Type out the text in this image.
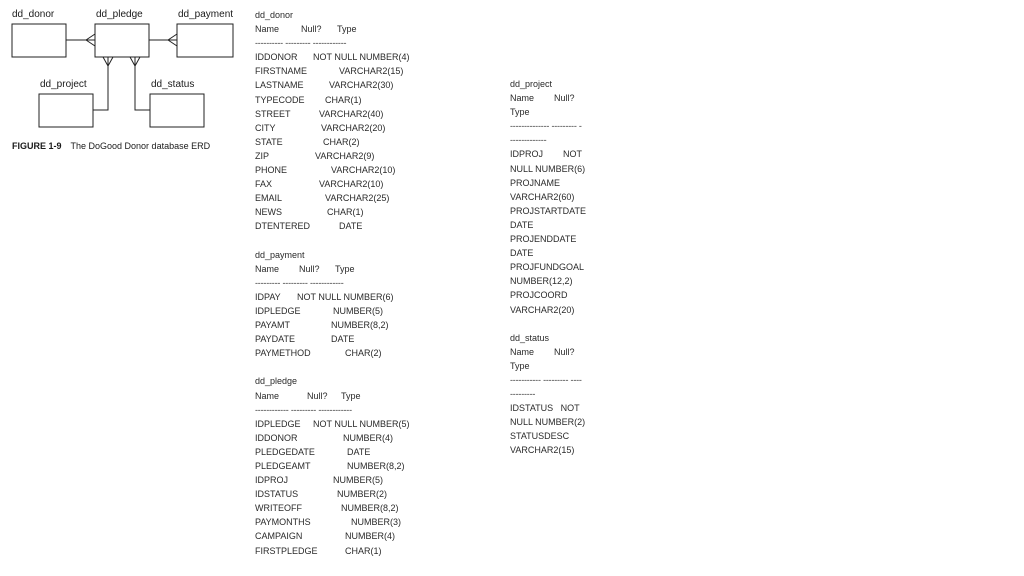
dd_donor	dd_pledge	dd_payment
dd_project	dd_status
FIGURE 1-9 The DoGood Donor database ERD
dd_donor
Name Null? Type
---------- --------- ------------
IDDONOR NOT NULL NUMBER(4)
FIRSTNAME	VARCHAR2(15)
LASTNAME	VARCHAR2(30)
TYPECODE CHAR(1)
STREET	VARCHAR2(40)
CITY	VARCHAR2(20)
STATE	CHAR(2)
ZIP	VARCHAR2(9)
PHONE	VARCHAR2(10)
FAX	VARCHAR2(10)
EMAIL	VARCHAR2(25)
NEWS	CHAR(1)
DTENTERED	DATE
dd_payment
Name Null? Type
--------- --------- ------------
IDPAY NOT NULL NUMBER(6)
IDPLEDGE	NUMBER(5)
PAYAMT	NUMBER(8,2)
PAYDATE	DATE
PAYMETHOD	CHAR(2)
dd_pledge
Name	Null? Type
------------ --------- ------------
IDPLEDGE NOT NULL NUMBER(5)
IDDONOR	NUMBER(4)
PLEDGEDATE	DATE
PLEDGEAMT	NUMBER(8,2)
IDPROJ	NUMBER(5)
IDSTATUS	NUMBER(2)
WRITEOFF	NUMBER(8,2)
PAYMONTHS	NUMBER(3)
CAMPAIGN	NUMBER(4)
FIRSTPLEDGE	CHAR(1)
dd_project
Name        Null?
Type
-------------- --------- -
-------------
IDPROJ        NOT
NULL NUMBER(6)
PROJNAME
VARCHAR2(60)
PROJSTARTDATE
DATE
PROJENDDATE
DATE
PROJFUNDGOAL
NUMBER(12,2)
PROJCOORD
VARCHAR2(20)
dd_status
Name        Null?
Type
----------- --------- ----
---------
IDSTATUS   NOT
NULL NUMBER(2)
STATUSDESC
VARCHAR2(15)
